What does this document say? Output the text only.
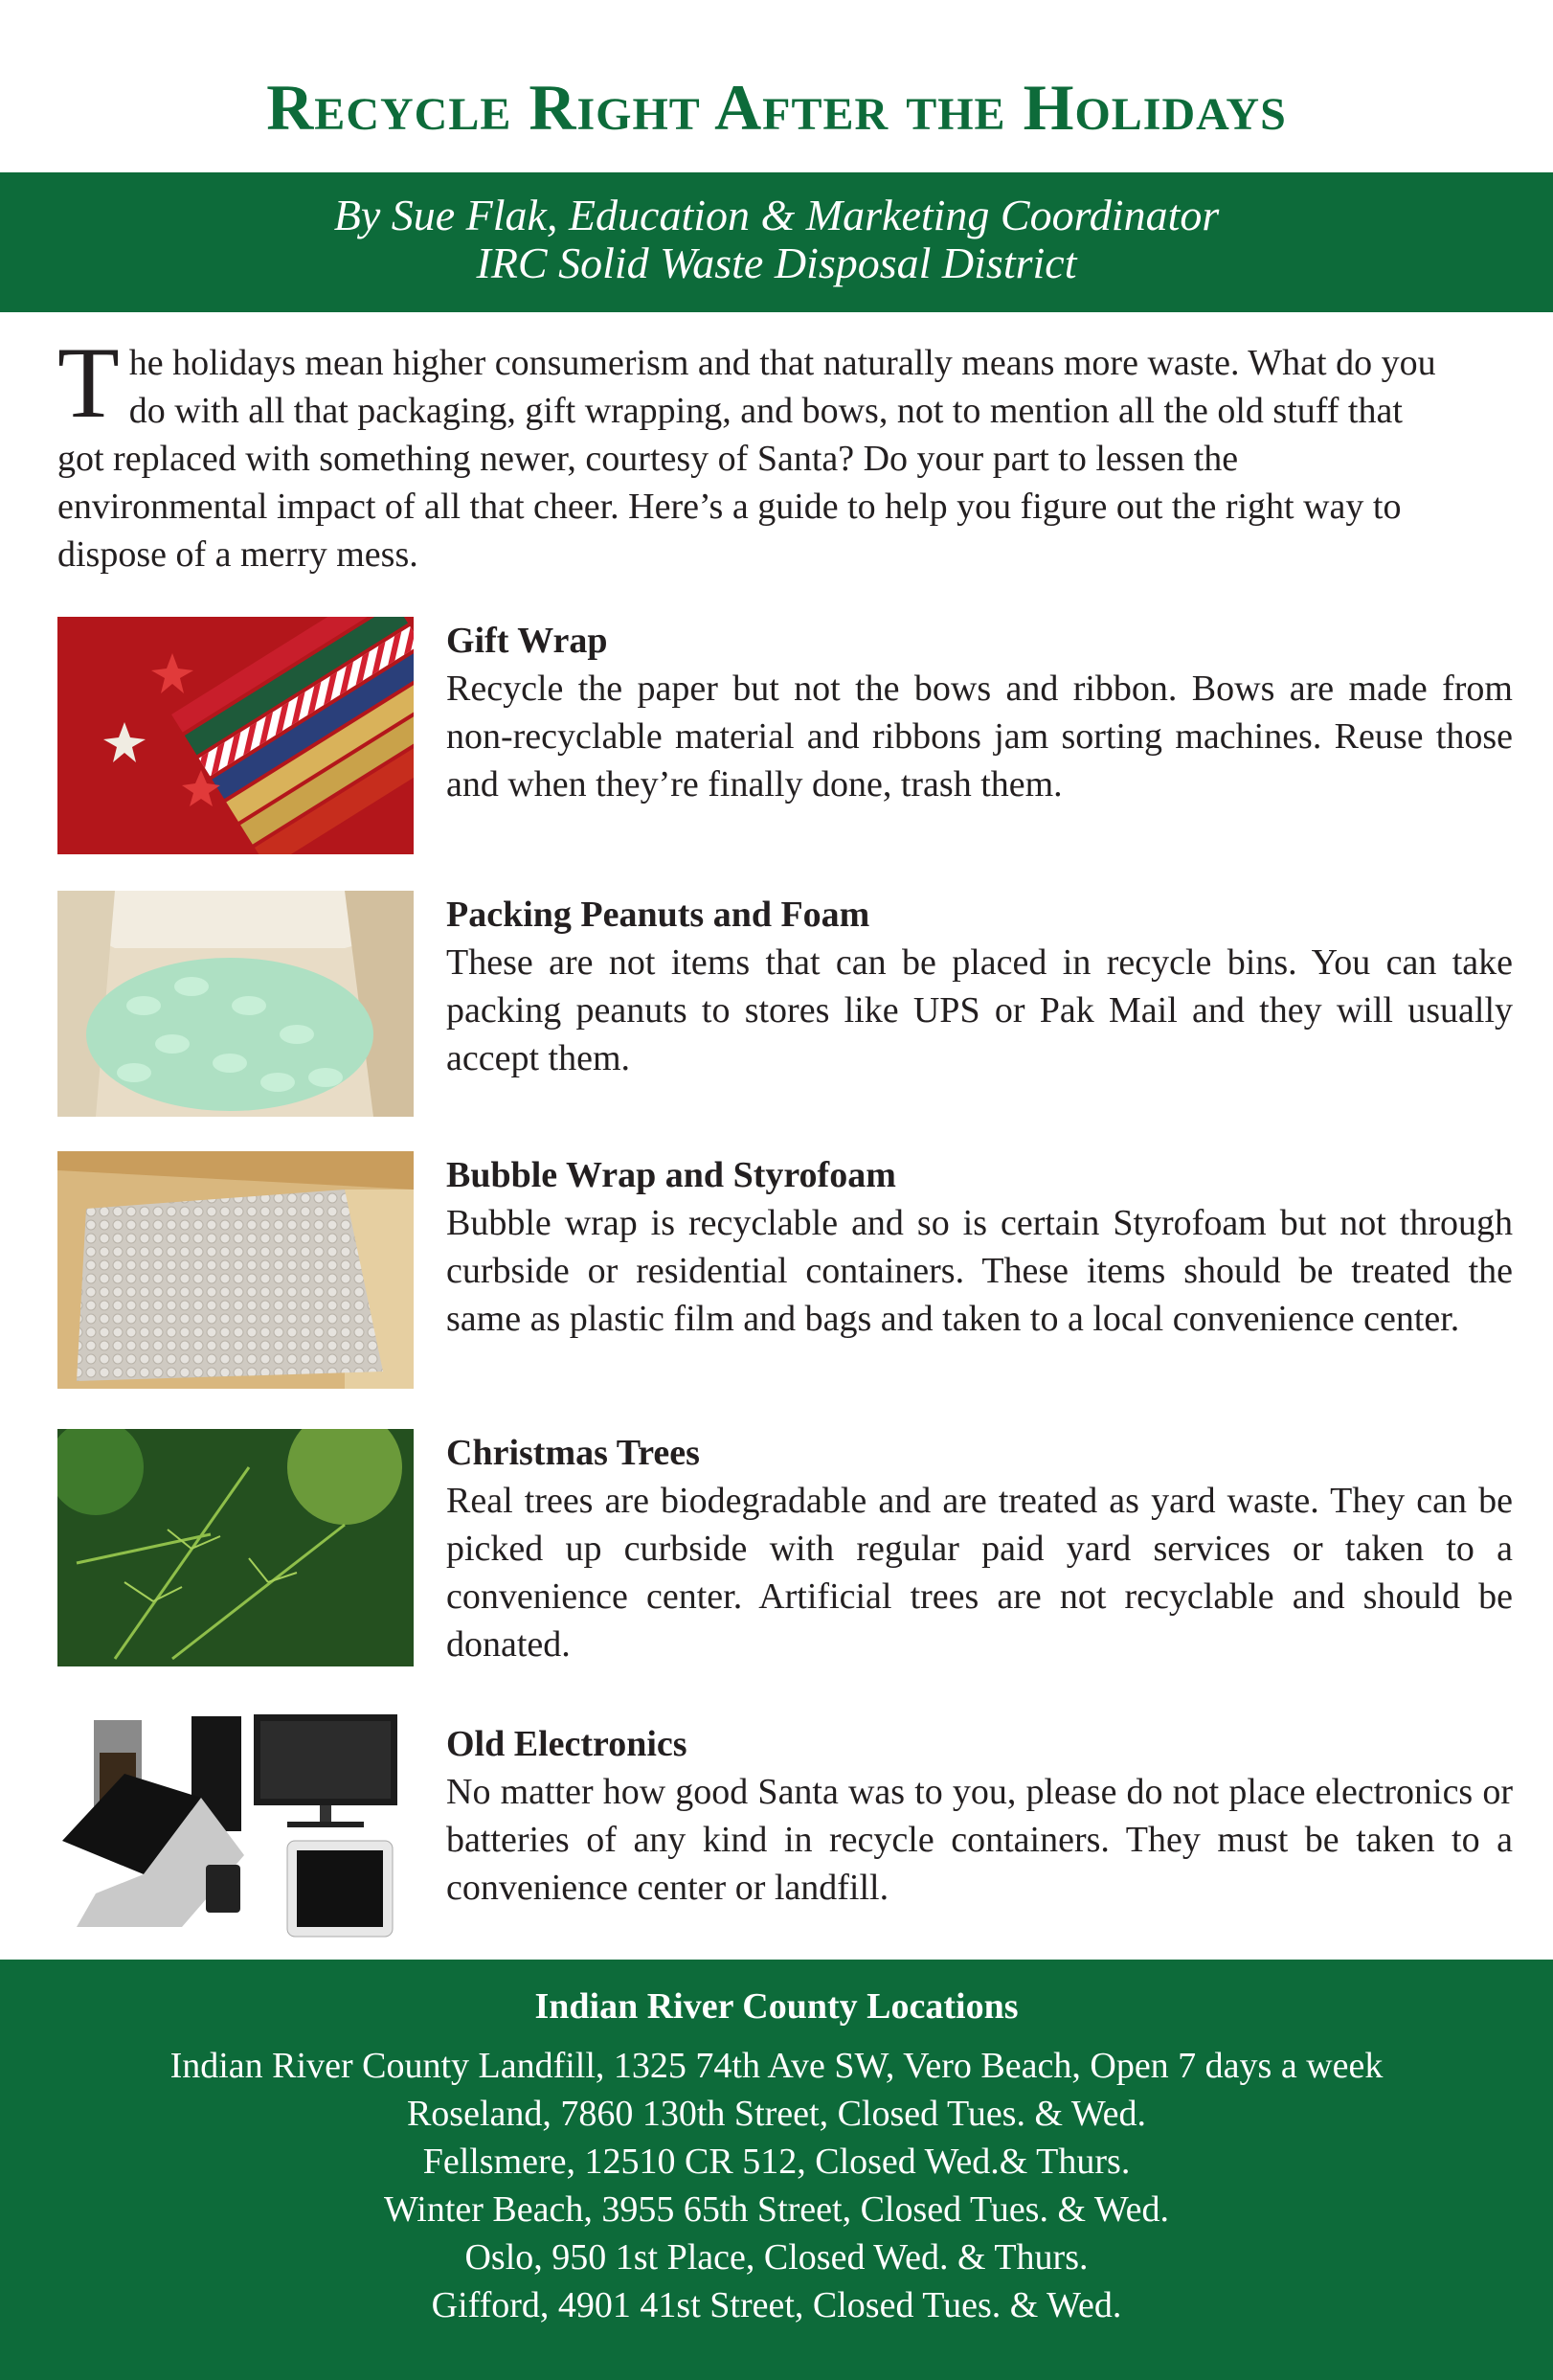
Recycle Right After the Holidays
By Sue Flak, Education & Marketing Coordinator
IRC Solid Waste Disposal District

The holidays mean higher consumerism and that naturally means more waste. What do you do with all that packaging, gift wrapping, and bows, not to mention all the old stuff that got replaced with something newer, courtesy of Santa? Do your part to lessen the environmental impact of all that cheer. Here’s a guide to help you figure out the right way to dispose of a merry mess.

Gift Wrap

Recycle the paper but not the bows and ribbon. Bows are made from non-recyclable material and ribbons jam sorting machines. Reuse those and when they’re finally done, trash them.

Packing Peanuts and Foam

These are not items that can be placed in recycle bins. You can take packing peanuts to stores like UPS or Pak Mail and they will usually accept them.

Bubble Wrap and Styrofoam

Bubble wrap is recyclable and so is certain Styrofoam but not through curbside or residential containers. These items should be treated the same as plastic film and bags and taken to a local convenience center.

Christmas Trees

Real trees are biodegradable and are treated as yard waste. They can be picked up curbside with regular paid yard services or taken to a convenience center. Artificial trees are not recyclable and should be donated.

Old Electronics

No matter how good Santa was to you, please do not place electronics or batteries of any kind in recycle containers. They must be taken to a convenience center or landfill.

Indian River County Locations
Indian River County Landfill, 1325 74th Ave SW, Vero Beach, Open 7 days a week
Roseland, 7860 130th Street, Closed Tues. & Wed.
Fellsmere, 12510 CR 512, Closed Wed.& Thurs.
Winter Beach, 3955 65th Street, Closed Tues. & Wed.
Oslo, 950 1st Place, Closed Wed. & Thurs.
Gifford, 4901 41st Street, Closed Tues. & Wed.
